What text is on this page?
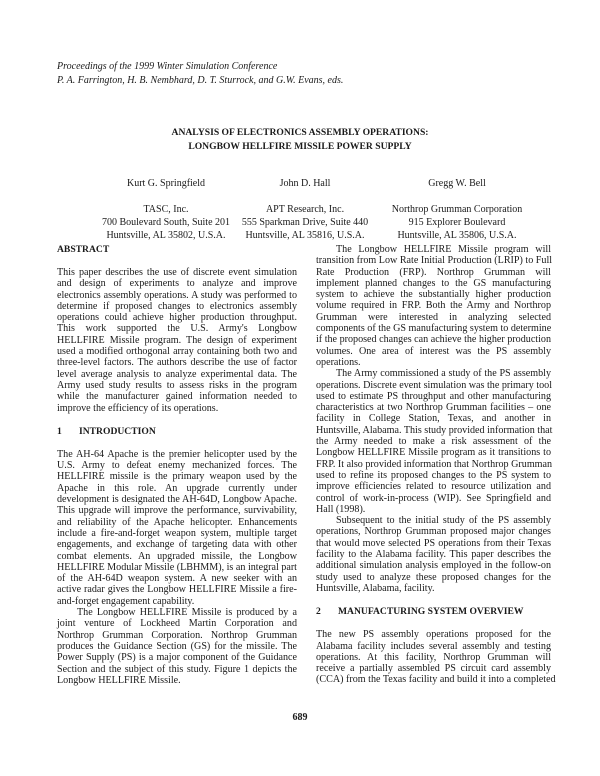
Proceedings of the 1999 Winter Simulation Conference
P. A. Farrington, H. B. Nembhard, D. T. Sturrock, and G.W. Evans, eds.
ANALYSIS OF ELECTRONICS ASSEMBLY OPERATIONS:
LONGBOW HELLFIRE MISSILE POWER SUPPLY
Kurt G. Springfield
TASC, Inc.
700 Boulevard South, Suite 201
Huntsville, AL 35802, U.S.A.
John D. Hall
APT Research, Inc.
555 Sparkman Drive, Suite 440
Huntsville, AL 35816, U.S.A.
Gregg W. Bell
Northrop Grumman Corporation
915 Explorer Boulevard
Huntsville, AL 35806, U.S.A.
ABSTRACT
This paper describes the use of discrete event simulation
and design of experiments to analyze and improve
electronics assembly operations. A study was performed to
determine if proposed changes to electronics assembly
operations could achieve higher production throughput.
This work supported the U.S. Army's Longbow
HELLFIRE Missile program. The design of experiment
used a modified orthogonal array containing both two and
three-level factors. The authors describe the use of factor
level average analysis to analyze experimental data. The
Army used study results to assess risks in the program
while the manufacturer gained information needed to
improve the efficiency of its operations.
1 INTRODUCTION
The AH-64 Apache is the premier helicopter used by the
U.S. Army to defeat enemy mechanized forces. The
HELLFIRE missile is the primary weapon used by the
Apache in this role. An upgrade currently under
development is designated the AH-64D, Longbow Apache.
This upgrade will improve the performance, survivability,
and reliability of the Apache helicopter. Enhancements
include a fire-and-forget weapon system, multiple target
engagements, and exchange of targeting data with other
combat elements. An upgraded missile, the Longbow
HELLFIRE Modular Missile (LBHMM), is an integral part
of the AH-64D weapon system. A new seeker with an
active radar gives the Longbow HELLFIRE Missile a fire-
and-forget engagement capability.
The Longbow HELLFIRE Missile is produced by a
joint venture of Lockheed Martin Corporation and
Northrop Grumman Corporation. Northrop Grumman
produces the Guidance Section (GS) for the missile. The
Power Supply (PS) is a major component of the Guidance
Section and the subject of this study. Figure 1 depicts the
Longbow HELLFIRE Missile.
The Longbow HELLFIRE Missile program will
transition from Low Rate Initial Production (LRIP) to Full
Rate Production (FRP). Northrop Grumman will
implement planned changes to the GS manufacturing
system to achieve the substantially higher production
volume required in FRP. Both the Army and Northrop
Grumman were interested in analyzing selected
components of the GS manufacturing system to determine
if the proposed changes can achieve the higher production
volumes. One area of interest was the PS assembly
operations.
The Army commissioned a study of the PS assembly
operations. Discrete event simulation was the primary tool
used to estimate PS throughput and other manufacturing
characteristics at two Northrop Grumman facilities – one
facility in College Station, Texas, and another in
Huntsville, Alabama. This study provided information that
the Army needed to make a risk assessment of the
Longbow HELLFIRE Missile program as it transitions to
FRP. It also provided information that Northrop Grumman
used to refine its proposed changes to the PS system to
improve efficiencies related to resource utilization and
control of work-in-process (WIP). See Springfield and
Hall (1998).
Subsequent to the initial study of the PS assembly
operations, Northrop Grumman proposed major changes
that would move selected PS operations from their Texas
facility to the Alabama facility. This paper describes the
additional simulation analysis employed in the follow-on
study used to analyze these proposed changes for the
Huntsville, Alabama, facility.
2 MANUFACTURING SYSTEM OVERVIEW
The new PS assembly operations proposed for the
Alabama facility includes several assembly and testing
operations. At this facility, Northrop Grumman will
receive a partially assembled PS circuit card assembly
(CCA) from the Texas facility and build it into a completed
689
